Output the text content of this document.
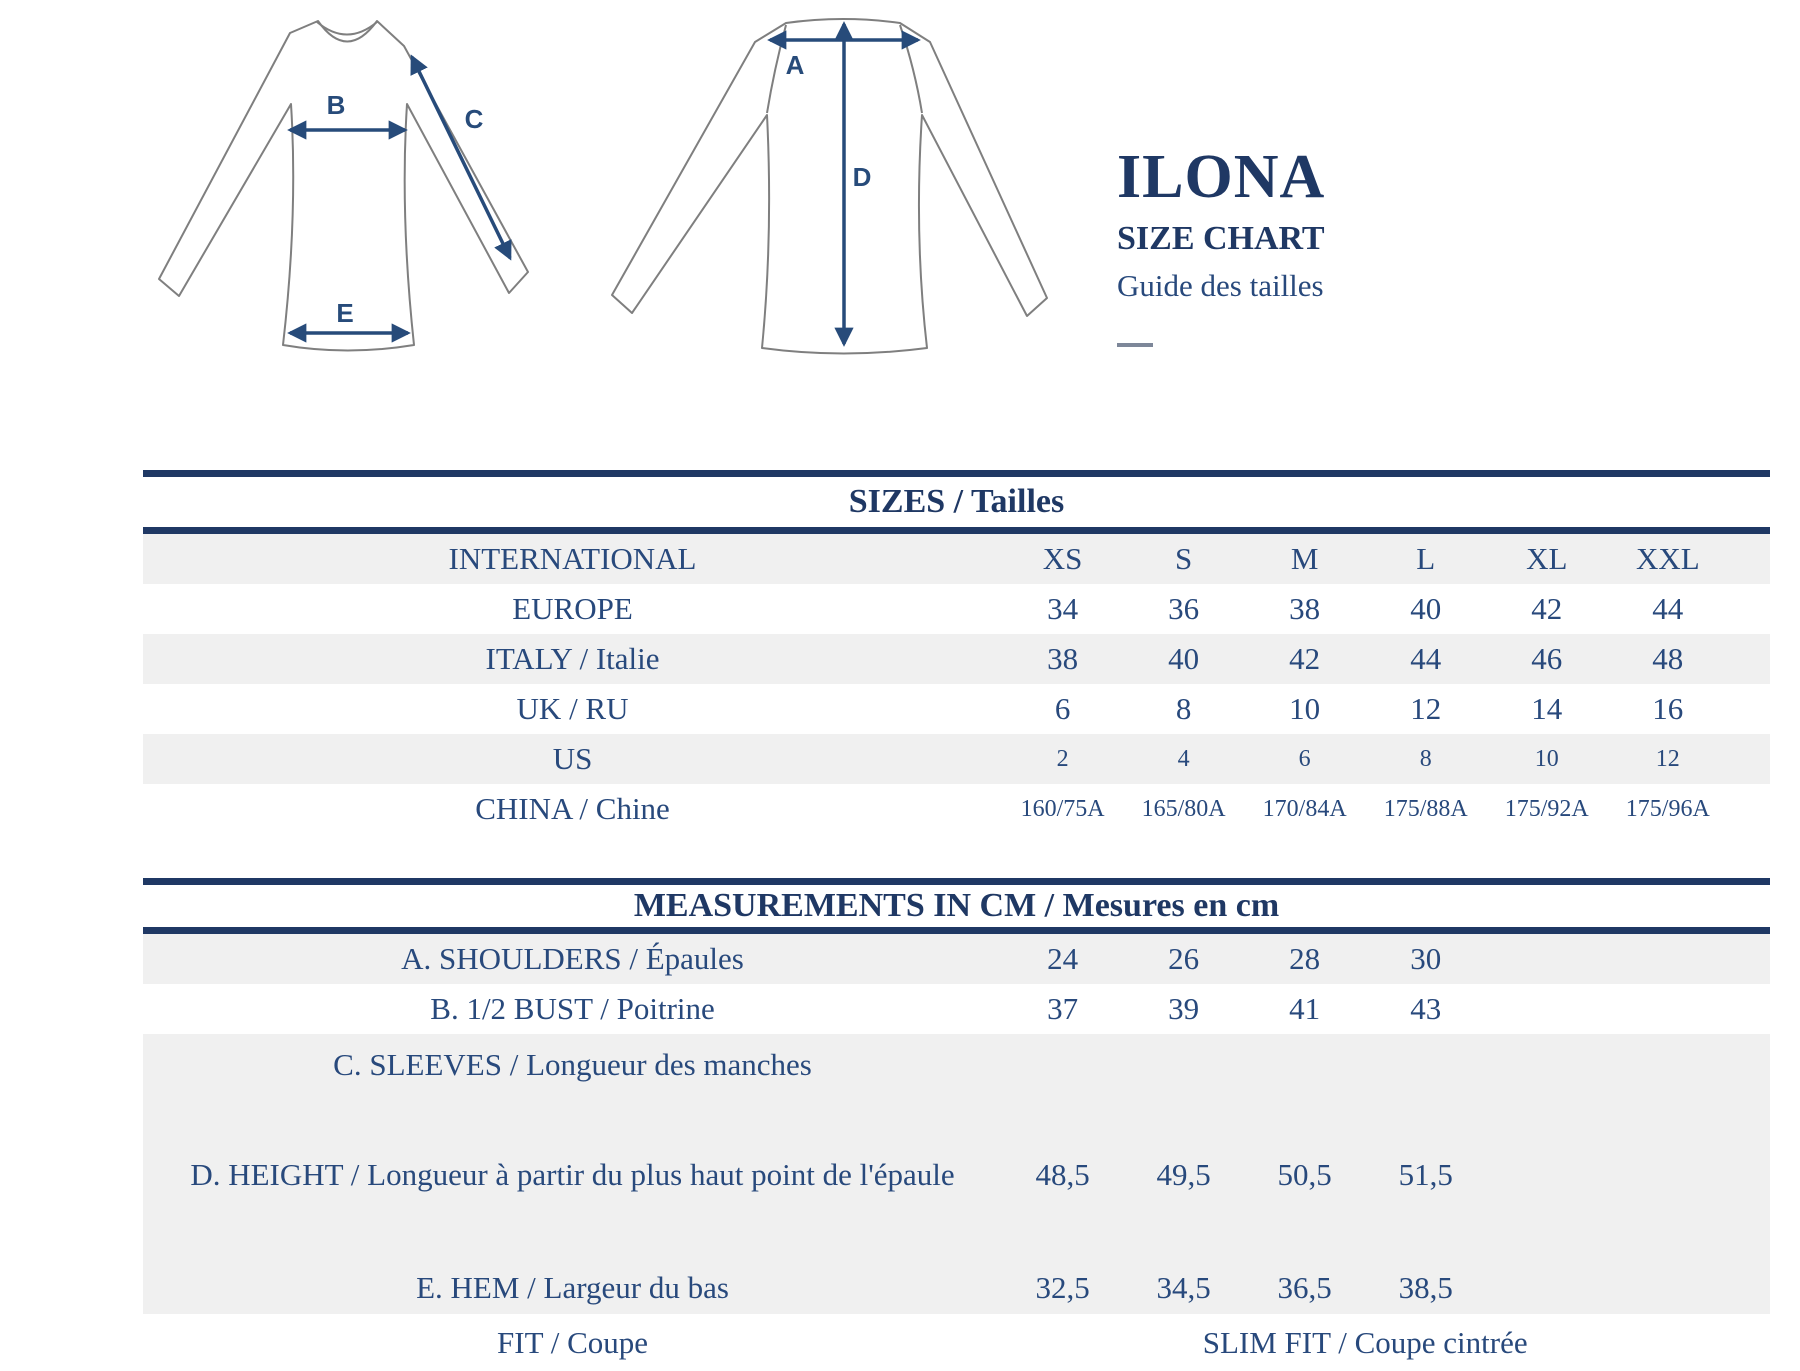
B	C
E
A
D	ILONA
SIZE CHART
Guide des tailles
SIZES / Tailles
INTERNATIONAL	XS	S	M	L	XL	XXL
EUROPE	34	36	38	40	42	44
ITALY / Italie	38	40	42	44	46	48
UK / RU	6	8	10	12	14	16
US	2	4	6	8	10	12
CHINA / Chine	160/75A	165/80A	170/84A	175/88A	175/92A	175/96A
MEASUREMENTS IN CM / Mesures en cm
A. SHOULDERS / Épaules	24	26	28	30
B. 1/2 BUST / Poitrine	37	39	41	43
C. SLEEVES / Longueur des manches
D. HEIGHT / Longueur à partir du plus haut point de l'épaule	48,5	49,5	50,5	51,5
E. HEM / Largeur du bas	32,5	34,5	36,5	38,5
FIT / Coupe	SLIM FIT / Coupe cintrée
